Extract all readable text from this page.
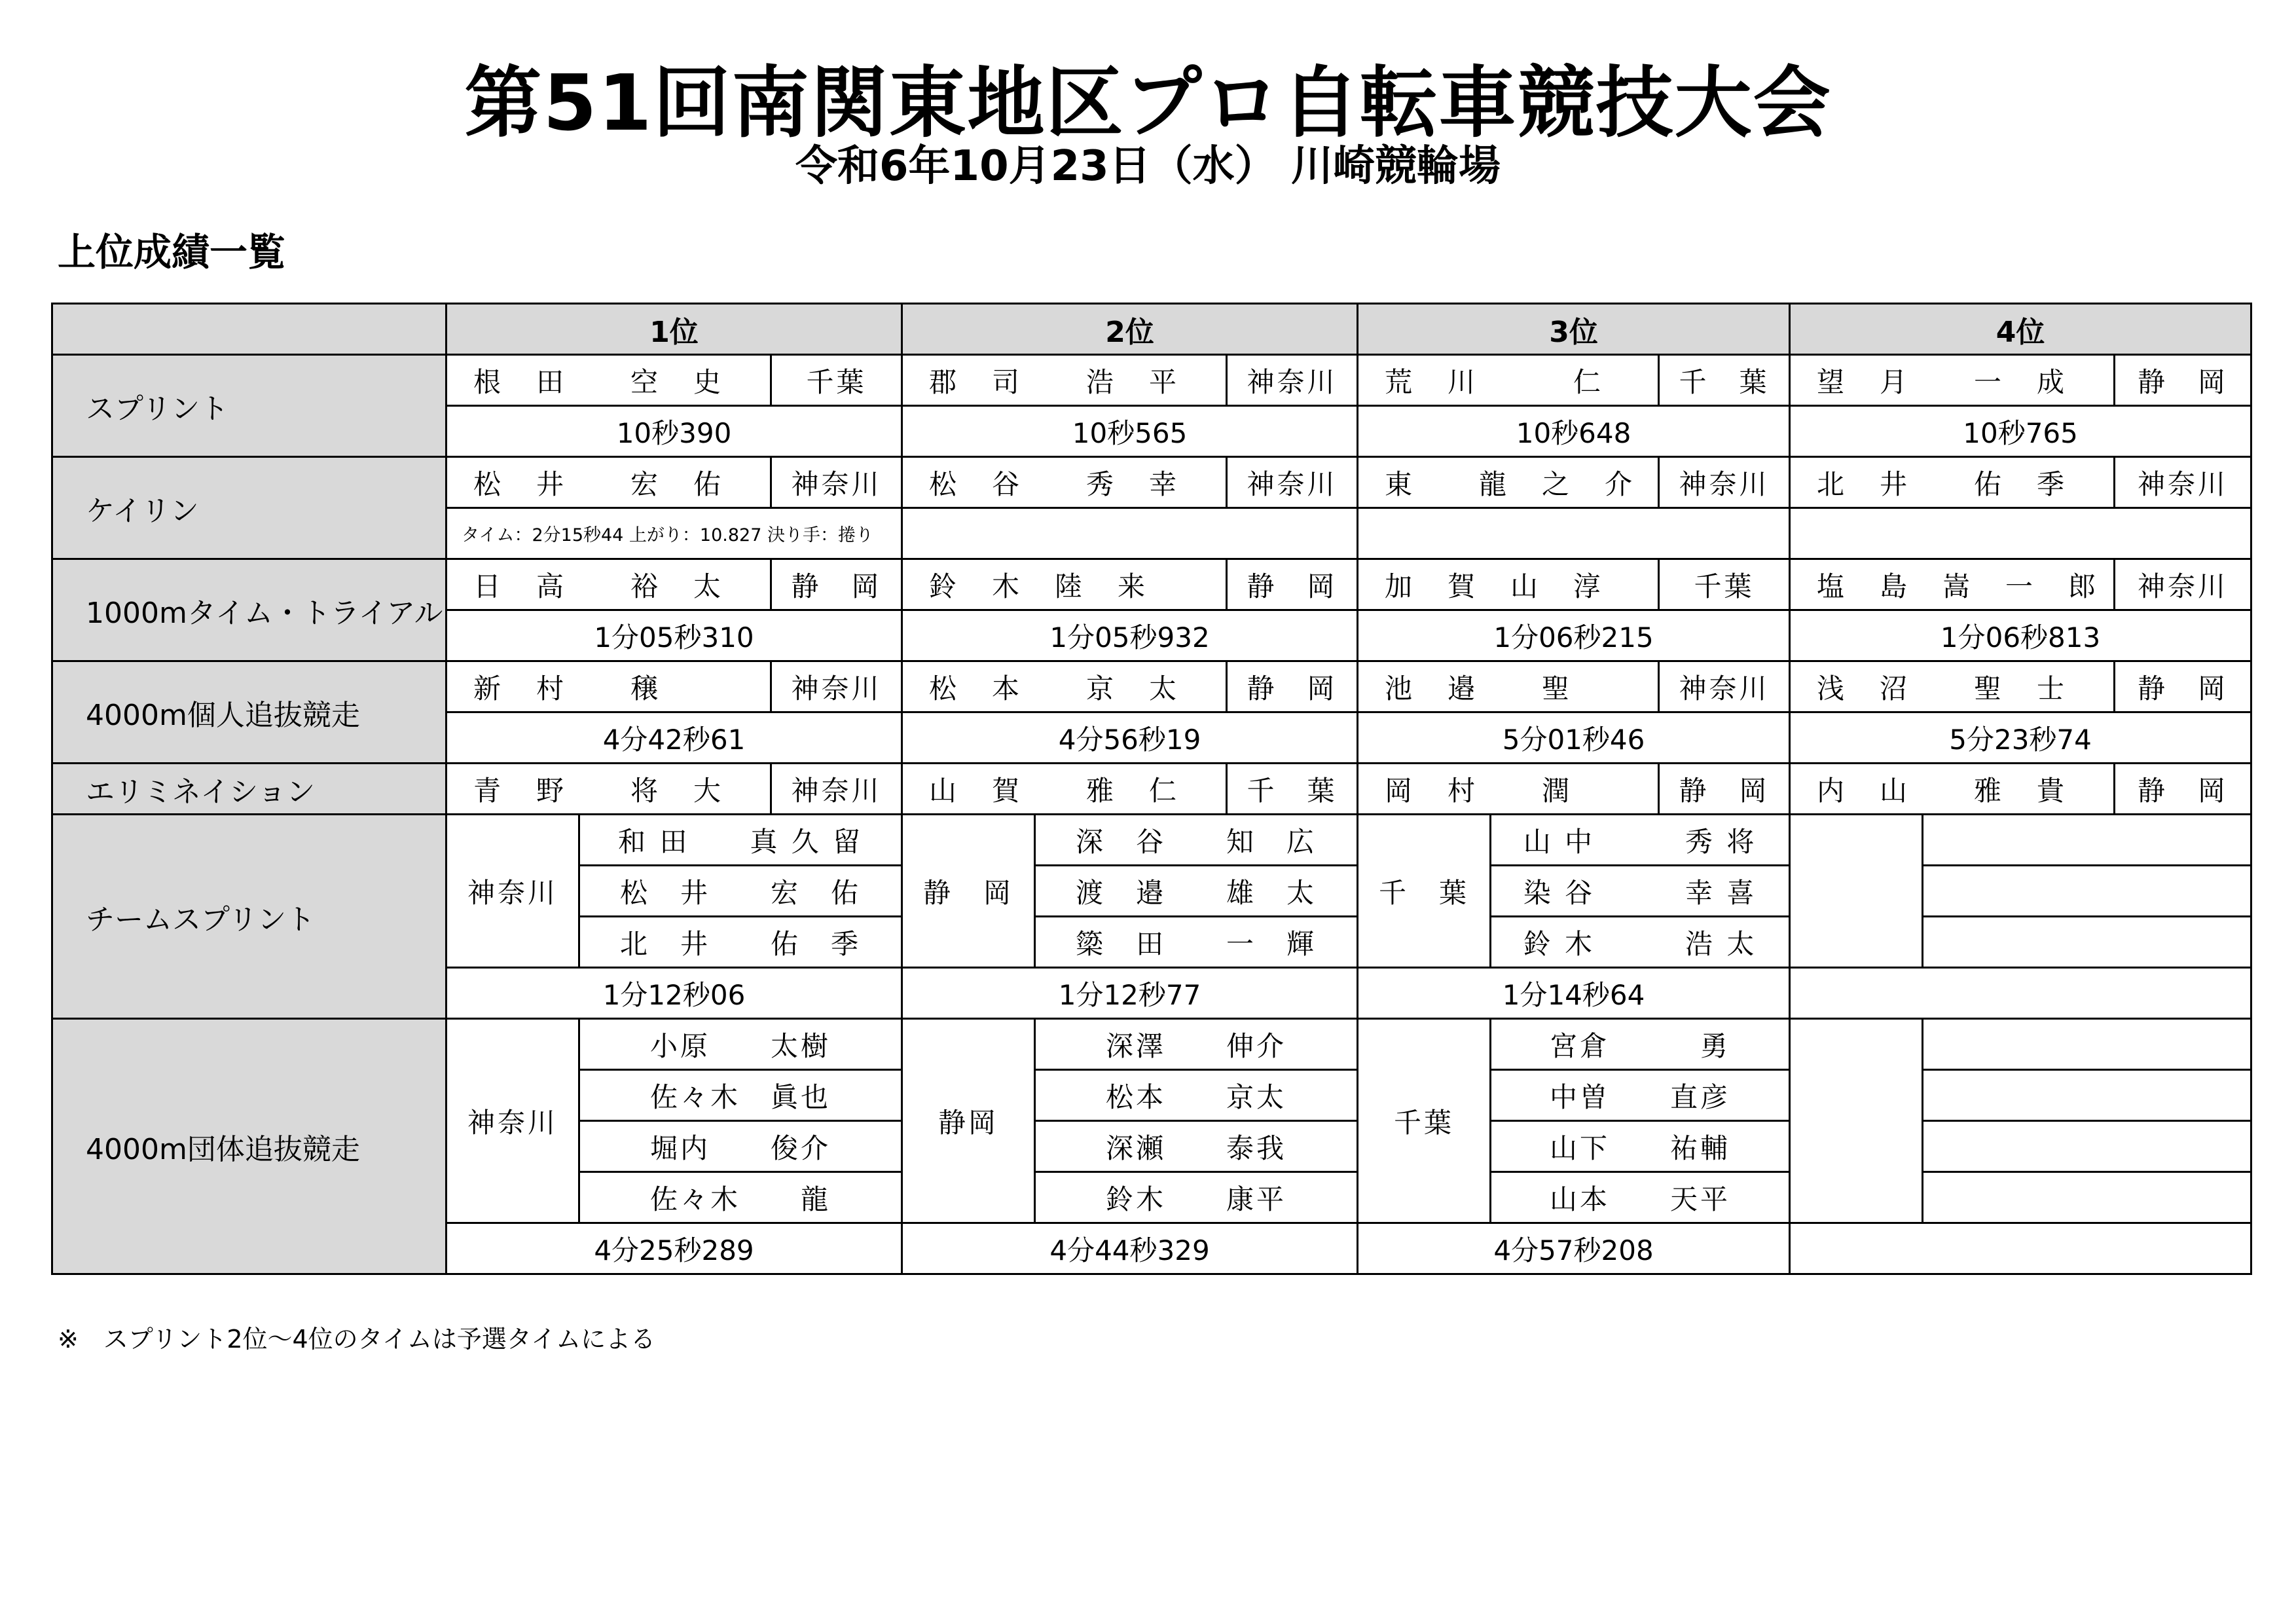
第51回南関東地区プロ自転車競技大会
令和6年10月23日（水） 川崎競輪場
上位成績一覧
	1位			2位			3位			4位		
スプリント	根　田　　空　史		千葉	郡　司　　浩　平		神奈川	荒　川　　　仁		千　葉	望　月　　一　成		静　岡
	10秒390			10秒565			10秒648			10秒765		
ケイリン	松　井　　宏　佑		神奈川	松　谷　　秀　幸		神奈川	東　　龍　之　介		神奈川	北　井　　佑　季		神奈川
	タイム：2分15秒44 上がり：10.827 決り手：捲り											
1000mタイム・トライアル	日　高　　裕　太		静　岡	鈴　木　陸　来		静　岡	加　賀　山　淳		千葉	塩　島　嵩　一　郎		神奈川
	1分05秒310			1分05秒932			1分06秒215			1分06秒813		
4000m個人追抜競走	新　村　　穣		神奈川	松　本　　京　太		静　岡	池　邉　　聖		神奈川	浅　沼　　聖　士		静　岡
	4分42秒61			4分56秒19			5分01秒46			5分23秒74		
エリミネイション	青　野　　将　大		神奈川	山　賀　　雅　仁		千　葉	岡　村　　潤		静　岡	内　山　　雅　貴		静　岡
チームスプリント	神奈川	和 田　　真 久 留		静　岡	深　谷　　知　広		千　葉	山 中　　　秀 将				
		松　井　　宏　佑			渡　邉　　雄　太			染 谷　　　幸 喜				
		北　井　　佑　季			簗　田　　一　輝			鈴 木　　　浩 太				
	1分12秒06			1分12秒77			1分14秒64					
4000m団体追抜競走	神奈川	小原　　太樹		静岡	深澤　　伸介		千葉	宮倉　　　勇				
		佐々木　眞也			松本　　京太			中曽　　直彦				
		堀内　　俊介			深瀬　　泰我			山下　　祐輔				
		佐々木　　龍			鈴木　　康平			山本　　天平				
	4分25秒289			4分44秒329			4分57秒208					
※　スプリント2位～4位のタイムは予選タイムによる
